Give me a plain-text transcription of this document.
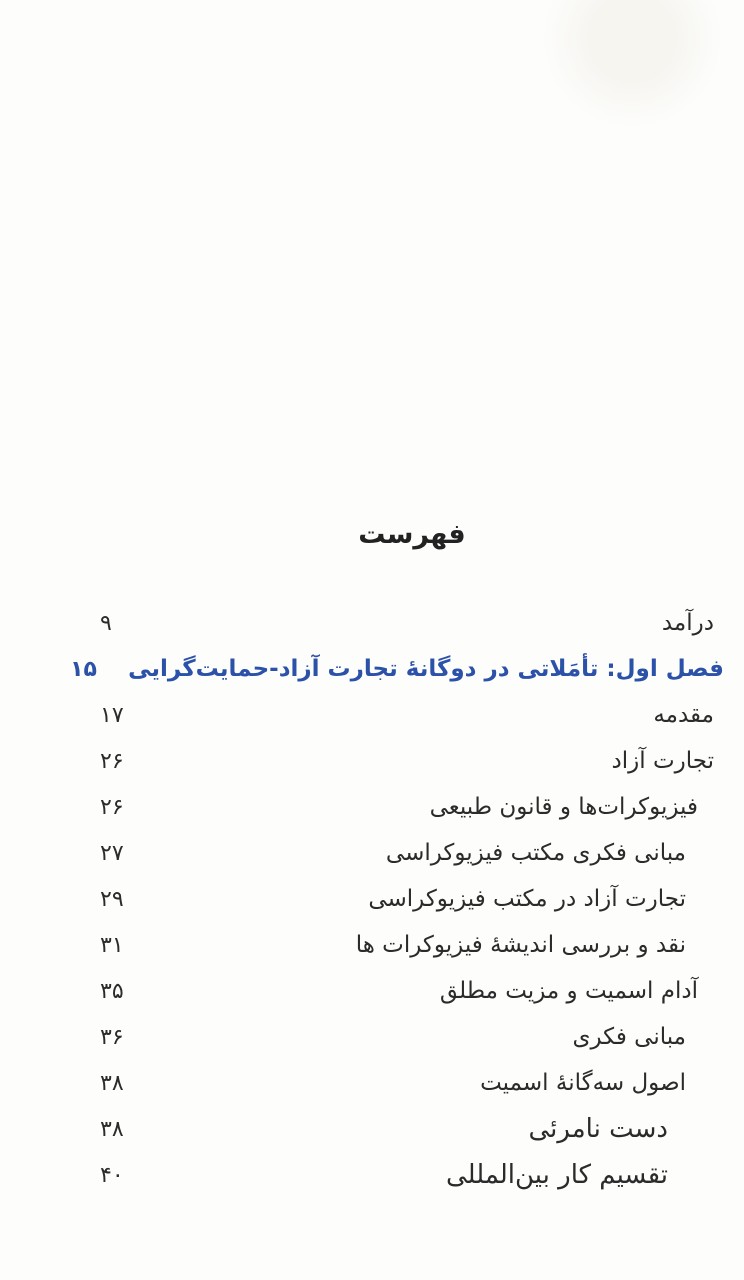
فهرست
درآمد
۹
فصل اول: تأمَلاتی در دوگانهٔ تجارت آزاد-حمایت‌گرایی
۱۵
مقدمه
۱۷
تجارت آزاد
۲۶
فیزیوکرات‌ها و قانون طبیعی
۲۶
مبانی فکری مکتب فیزیوکراسی
۲۷
تجارت آزاد در مکتب فیزیوکراسی
۲۹
نقد و بررسی اندیشهٔ فیزیوکرات ها
۳۱
آدام اسمیت و مزیت مطلق
۳۵
مبانی فکری
۳۶
اصول سه‌گانهٔ اسمیت
۳۸
دست نامرئی
۳۸
تقسیم کار بین‌المللی
۴۰
